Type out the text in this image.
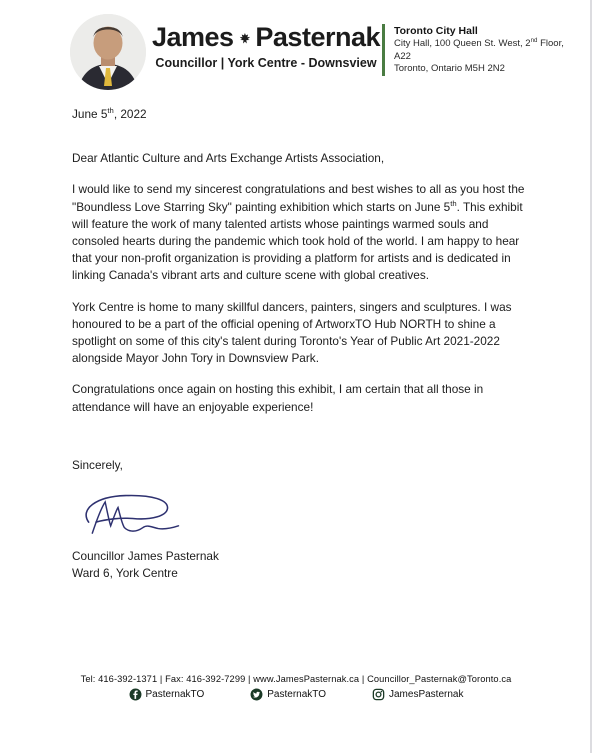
James Pasternak
Councillor | York Centre - Downsview
Toronto City Hall
City Hall, 100 Queen St. West, 2nd Floor, A22
Toronto, Ontario M5H 2N2
June 5th, 2022
Dear Atlantic Culture and Arts Exchange Artists Association,
I would like to send my sincerest congratulations and best wishes to all as you host the "Boundless Love Starring Sky" painting exhibition which starts on June 5th. This exhibit will feature the work of many talented artists whose paintings warmed souls and consoled hearts during the pandemic which took hold of the world. I am happy to hear that your non-profit organization is providing a platform for artists and is dedicated in linking Canada's vibrant arts and culture scene with global creatives.
York Centre is home to many skillful dancers, painters, singers and sculptures. I was honoured to be a part of the official opening of ArtworxTO Hub NORTH to shine a spotlight on some of this city's talent during Toronto's Year of Public Art 2021-2022 alongside Mayor John Tory in Downsview Park.
Congratulations once again on hosting this exhibit, I am certain that all those in attendance will have an enjoyable experience!
Sincerely,
Councillor James Pasternak
Ward 6, York Centre
Tel: 416-392-1371 | Fax: 416-392-7299 | www.JamesPasternak.ca | Councillor_Pasternak@Toronto.ca
PasternakTO	PasternakTO	JamesPasternak
